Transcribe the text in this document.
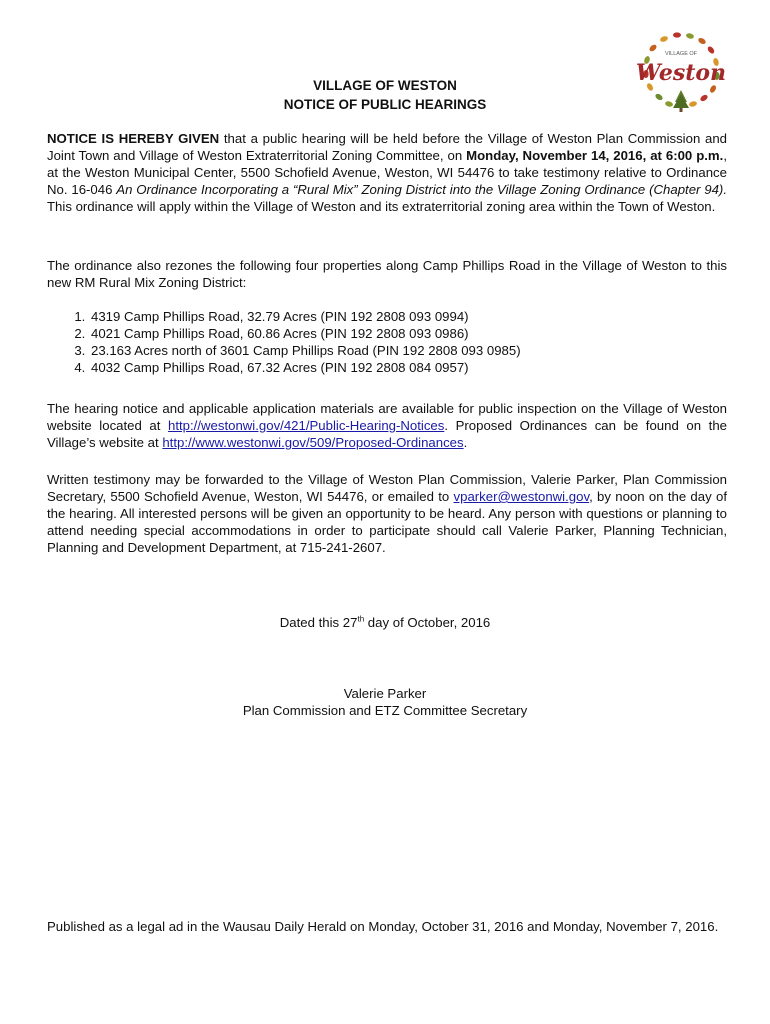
VILLAGE OF
Weston
VILLAGE OF WESTON
NOTICE OF PUBLIC HEARINGS
NOTICE IS HEREBY GIVEN that a public hearing will be held before the Village of Weston Plan Commission and Joint Town and Village of Weston Extraterritorial Zoning Committee, on Monday, November 14, 2016, at 6:00 p.m., at the Weston Municipal Center, 5500 Schofield Avenue, Weston, WI 54476 to take testimony relative to Ordinance No. 16-046 An Ordinance Incorporating a “Rural Mix” Zoning District into the Village Zoning Ordinance (Chapter 94). This ordinance will apply within the Village of Weston and its extraterritorial zoning area within the Town of Weston.
The ordinance also rezones the following four properties along Camp Phillips Road in the Village of Weston to this new RM Rural Mix Zoning District:
1. 4319 Camp Phillips Road, 32.79 Acres (PIN 192 2808 093 0994)
2. 4021 Camp Phillips Road, 60.86 Acres (PIN 192 2808 093 0986)
3. 23.163 Acres north of 3601 Camp Phillips Road (PIN 192 2808 093 0985)
4. 4032 Camp Phillips Road, 67.32 Acres (PIN 192 2808 084 0957)
The hearing notice and applicable application materials are available for public inspection on the Village of Weston website located at http://westonwi.gov/421/Public-Hearing-Notices. Proposed Ordinances can be found on the Village’s website at http://www.westonwi.gov/509/Proposed-Ordinances.
Written testimony may be forwarded to the Village of Weston Plan Commission, Valerie Parker, Plan Commission Secretary, 5500 Schofield Avenue, Weston, WI 54476, or emailed to vparker@westonwi.gov, by noon on the day of the hearing. All interested persons will be given an opportunity to be heard. Any person with questions or planning to attend needing special accommodations in order to participate should call Valerie Parker, Planning Technician, Planning and Development Department, at 715-241-2607.
Dated this 27th day of October, 2016
Valerie Parker
Plan Commission and ETZ Committee Secretary
Published as a legal ad in the Wausau Daily Herald on Monday, October 31, 2016 and Monday, November 7, 2016.
